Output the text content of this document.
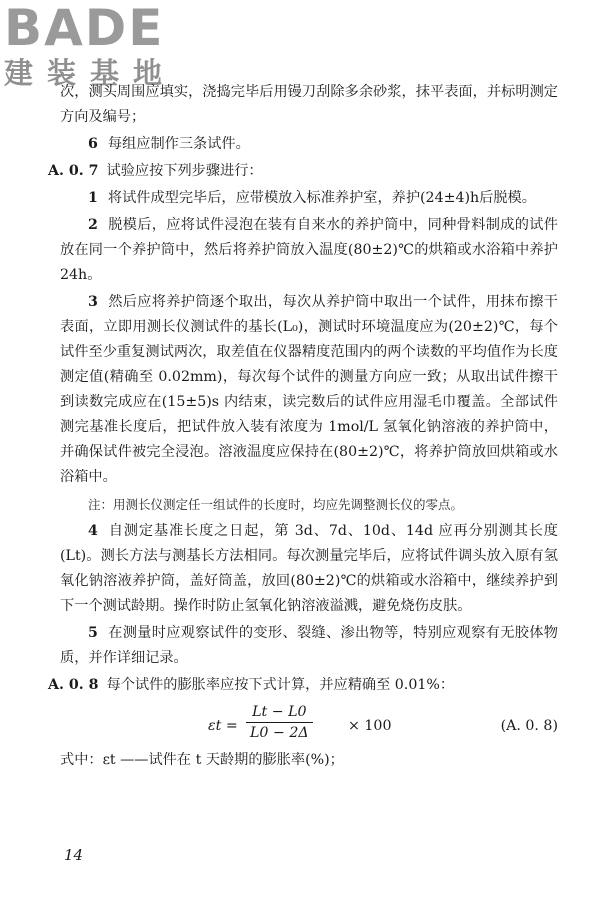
BADE
建装基地

次，测头周围应填实，浇捣完毕后用镘刀刮除多余砂浆，抹平表面，并标明测定方向及编号；

6 每组应制作三条试件。

A. 0. 7 试验应按下列步骤进行：

1 将试件成型完毕后，应带模放入标准养护室，养护(24±4)h后脱模。

2 脱模后，应将试件浸泡在装有自来水的养护筒中，同种骨料制成的试件放在同一个养护筒中，然后将养护筒放入温度(80±2)℃的烘箱或水浴箱中养护 24h。

3 然后应将养护筒逐个取出，每次从养护筒中取出一个试件，用抹布擦干表面，立即用测长仪测试件的基长(L₀)，测试时环境温度应为(20±2)℃，每个试件至少重复测试两次，取差值在仪器精度范围内的两个读数的平均值作为长度测定值(精确至 0.02mm)，每次每个试件的测量方向应一致；从取出试件擦干到读数完成应在(15±5)s 内结束，读完数后的试件应用湿毛巾覆盖。全部试件测完基准长度后，把试件放入装有浓度为 1mol/L 氢氧化钠溶液的养护筒中，并确保试件被完全浸泡。溶液温度应保持在(80±2)℃，将养护筒放回烘箱或水浴箱中。

注：用测长仪测定任一组试件的长度时，均应先调整测长仪的零点。

4 自测定基准长度之日起，第 3d、7d、10d、14d 应再分别测其长度(Lt)。测长方法与测基长方法相同。每次测量完毕后，应将试件调头放入原有氢氧化钠溶液养护筒，盖好筒盖，放回(80±2)℃的烘箱或水浴箱中，继续养护到下一个测试龄期。操作时防止氢氧化钠溶液溢溅，避免烧伤皮肤。

5 在测量时应观察试件的变形、裂缝、渗出物等，特别应观察有无胶体物质，并作详细记录。

A. 0. 8 每个试件的膨胀率应按下式计算，并应精确至 0.01%：

$\varepsilon t = \frac{Lt - L0}{L0 - 2\Delta} \times 100$	(A. 0. 8)

式中：εt ——试件在 t 天龄期的膨胀率(%)；

14
